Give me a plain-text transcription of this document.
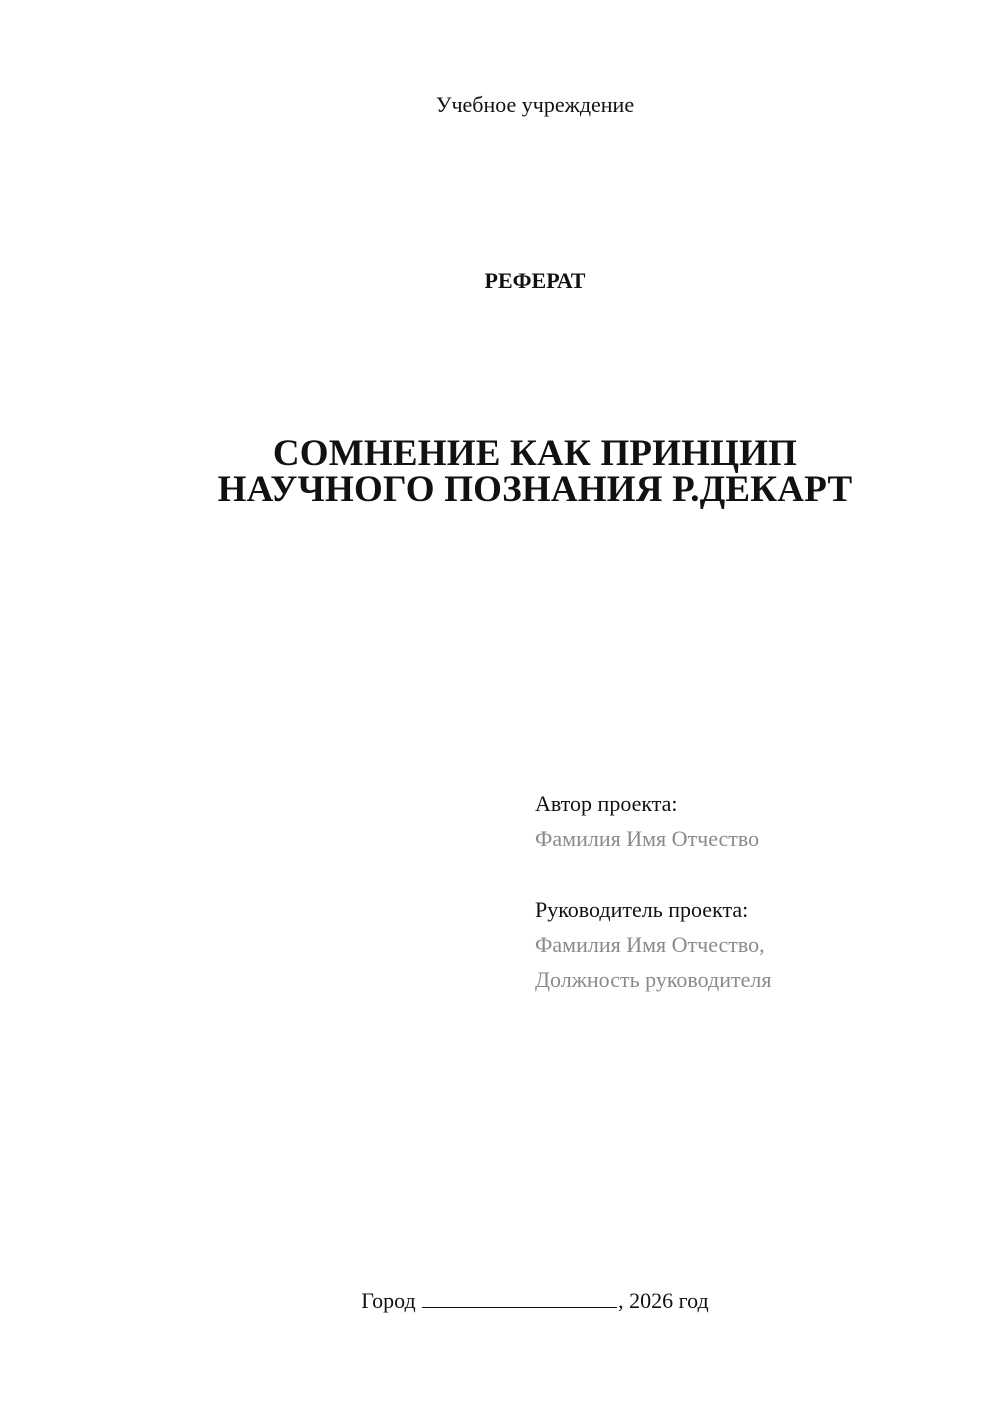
Учебное учреждение
РЕФЕРАТ
СОМНЕНИЕ КАК ПРИНЦИП
НАУЧНОГО ПОЗНАНИЯ Р.ДЕКАРТ
Автор проекта:
Фамилия Имя Отчество
Руководитель проекта:
Фамилия Имя Отчество,
Должность руководителя
Город	, 2026 год
